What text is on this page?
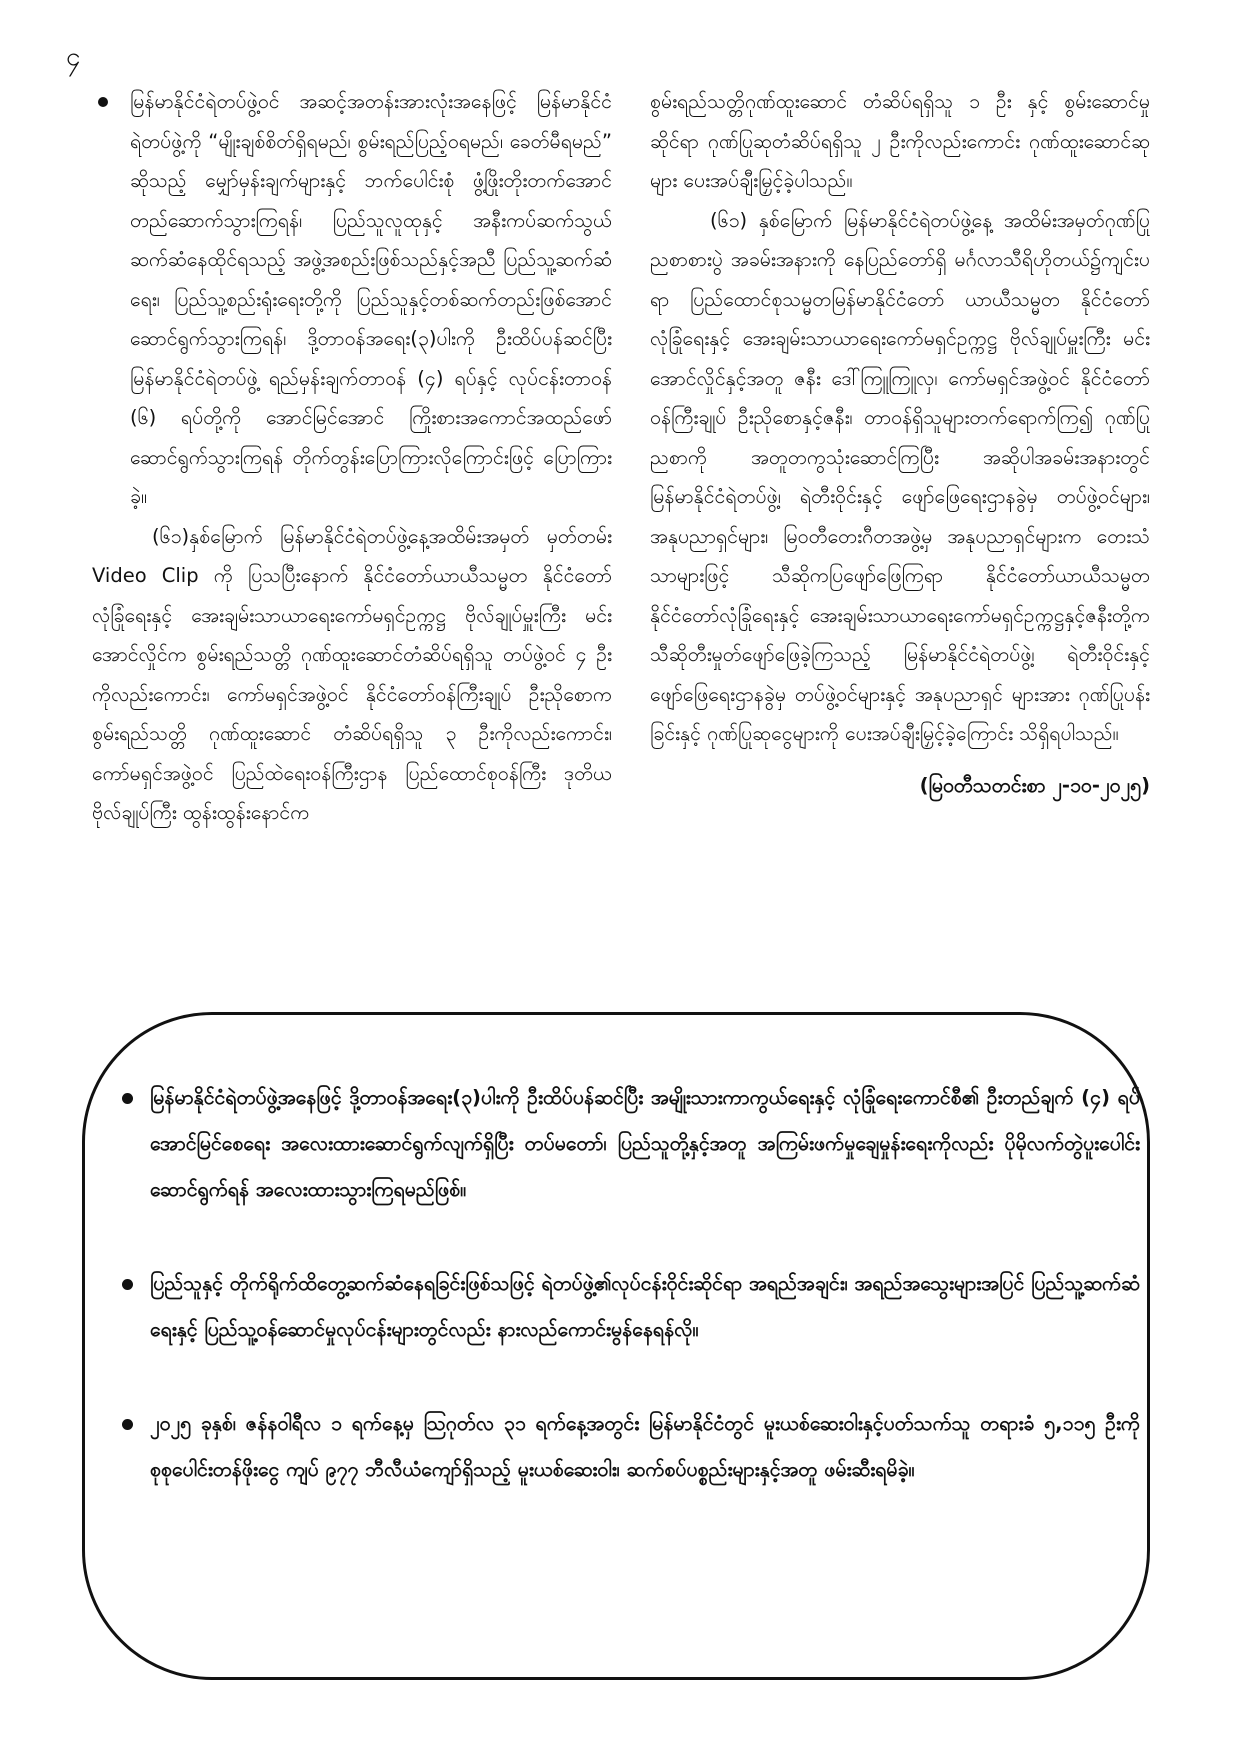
၄

မြန်မာနိုင်ငံရဲတပ်ဖွဲ့ဝင် အဆင့်အတန်းအားလုံးအနေဖြင့် မြန်မာနိုင်ငံရဲတပ်ဖွဲ့ကို “မျိုးချစ်စိတ်ရှိရမည်၊ စွမ်းရည်ပြည့်ဝရမည်၊ ခေတ်မီရမည်” ဆိုသည့် မျှော်မှန်းချက်များနှင့် ဘက်ပေါင်းစုံ ဖွံ့ဖြိုးတိုးတက်အောင် တည်ဆောက်သွားကြရန်၊ ပြည်သူလူထုနှင့် အနီးကပ်ဆက်သွယ် ဆက်ဆံနေထိုင်ရသည့် အဖွဲ့အစည်းဖြစ်သည်နှင့်အညီ ပြည်သူ့ဆက်ဆံရေး၊ ပြည်သူ့စည်းရုံးရေးတို့ကို ပြည်သူနှင့်တစ်ဆက်တည်းဖြစ်အောင် ဆောင်ရွက်သွားကြရန်၊ ဒို့တာဝန်အရေး(၃)ပါးကို ဦးထိပ်ပန်ဆင်ပြီး မြန်မာနိုင်ငံရဲတပ်ဖွဲ့ ရည်မှန်းချက်တာဝန် (၄) ရပ်နှင့် လုပ်ငန်းတာဝန် (၆) ရပ်တို့ကို အောင်မြင်အောင် ကြိုးစားအကောင်အထည်ဖော် ဆောင်ရွက်သွားကြရန် တိုက်တွန်းပြောကြားလိုကြောင်းဖြင့် ပြောကြားခဲ့။

(၆၁)နှစ်မြောက် မြန်မာနိုင်ငံရဲတပ်ဖွဲ့နေ့အထိမ်းအမှတ် မှတ်တမ်း Video Clip ကို ပြသပြီးနောက် နိုင်ငံတော်ယာယီသမ္မတ နိုင်ငံတော်လုံခြုံရေးနှင့် အေးချမ်းသာယာရေးကော်မရှင်ဥက္ကဋ္ဌ ဗိုလ်ချုပ်မှူးကြီး မင်းအောင်လှိုင်က စွမ်းရည်သတ္တိ ဂုဏ်ထူးဆောင်တံဆိပ်ရရှိသူ တပ်ဖွဲ့ဝင် ၄ ဦးကိုလည်းကောင်း၊ ကော်မရှင်အဖွဲ့ဝင် နိုင်ငံတော်ဝန်ကြီးချုပ် ဦးညိုစောက စွမ်းရည်သတ္တိ ဂုဏ်ထူးဆောင် တံဆိပ်ရရှိသူ ၃ ဦးကိုလည်းကောင်း၊ ကော်မရှင်အဖွဲ့ဝင် ပြည်ထဲရေးဝန်ကြီးဌာန ပြည်ထောင်စုဝန်ကြီး ဒုတိယဗိုလ်ချုပ်ကြီး ထွန်းထွန်းနောင်က

စွမ်းရည်သတ္တိဂုဏ်ထူးဆောင် တံဆိပ်ရရှိသူ ၁ ဦး နှင့် စွမ်းဆောင်မှုဆိုင်ရာ ဂုဏ်ပြုဆုတံဆိပ်ရရှိသူ ၂ ဦးကိုလည်းကောင်း ဂုဏ်ထူးဆောင်ဆုများ ပေးအပ်ချီးမြှင့်ခဲ့ပါသည်။

(၆၁) နှစ်မြောက် မြန်မာနိုင်ငံရဲတပ်ဖွဲ့နေ့ အထိမ်းအမှတ်ဂုဏ်ပြုညစာစားပွဲ အခမ်းအနားကို နေပြည်တော်ရှိ မင်္ဂလာသီရိဟိုတယ်၌ကျင်းပရာ ပြည်ထောင်စုသမ္မတမြန်မာနိုင်ငံတော် ယာယီသမ္မတ နိုင်ငံတော်လုံခြုံရေးနှင့် အေးချမ်းသာယာရေးကော်မရှင်ဥက္ကဋ္ဌ ဗိုလ်ချုပ်မှူးကြီး မင်းအောင်လှိုင်နှင့်အတူ ဇနီး ဒေါ်ကြူကြူလှ၊ ကော်မရှင်အဖွဲ့ဝင် နိုင်ငံတော်ဝန်ကြီးချုပ် ဦးညိုစောနှင့်ဇနီး၊ တာဝန်ရှိသူများတက်ရောက်ကြ၍ ဂုဏ်ပြုညစာကို အတူတကွသုံးဆောင်ကြပြီး အဆိုပါအခမ်းအနားတွင် မြန်မာနိုင်ငံရဲတပ်ဖွဲ့၊ ရဲတီးဝိုင်းနှင့် ဖျော်ဖြေရေးဌာနခွဲမှ တပ်ဖွဲ့ဝင်များ၊ အနုပညာရှင်များ၊ မြဝတီတေးဂီတအဖွဲ့မှ အနုပညာရှင်များက တေးသံသာများဖြင့် သီဆိုကပြဖျော်ဖြေကြရာ နိုင်ငံတော်ယာယီသမ္မတ နိုင်ငံတော်လုံခြုံရေးနှင့် အေးချမ်းသာယာရေးကော်မရှင်ဥက္ကဋ္ဌနှင့်ဇနီးတို့က သီဆိုတီးမှုတ်ဖျော်ဖြေခဲ့ကြသည့် မြန်မာနိုင်ငံရဲတပ်ဖွဲ့၊ ရဲတီးဝိုင်းနှင့် ဖျော်ဖြေရေးဌာနခွဲမှ တပ်ဖွဲ့ဝင်များနှင့် အနုပညာရှင် များအား ဂုဏ်ပြုပန်းခြင်းနှင့် ဂုဏ်ပြုဆုငွေများကို ပေးအပ်ချီးမြှင့်ခဲ့ကြောင်း သိရှိရပါသည်။

(မြဝတီသတင်းစာ ၂-၁၀-၂၀၂၅)

မြန်မာနိုင်ငံရဲတပ်ဖွဲ့အနေဖြင့် ဒို့တာဝန်အရေး(၃)ပါးကို ဦးထိပ်ပန်ဆင်ပြီး အမျိုးသားကာကွယ်ရေးနှင့် လုံခြုံရေးကောင်စီ၏ ဦးတည်ချက် (၄) ရပ် အောင်မြင်စေရေး အလေးထားဆောင်ရွက်လျက်ရှိပြီး တပ်မတော်၊ ပြည်သူတို့နှင့်အတူ အကြမ်းဖက်မှုချေမှုန်းရေးကိုလည်း ပိုမိုလက်တွဲပူးပေါင်းဆောင်ရွက်ရန် အလေးထားသွားကြရမည်ဖြစ်။
ပြည်သူနှင့် တိုက်ရိုက်ထိတွေ့ဆက်ဆံနေရခြင်းဖြစ်သဖြင့် ရဲတပ်ဖွဲ့၏လုပ်ငန်းဝိုင်းဆိုင်ရာ အရည်အချင်း၊ အရည်အသွေးများအပြင် ပြည်သူ့ဆက်ဆံရေးနှင့် ပြည်သူ့ဝန်ဆောင်မှုလုပ်ငန်းများတွင်လည်း နားလည်ကောင်းမွန်နေရန်လို။
၂၀၂၅ ခုနှစ်၊ ဇန်နဝါရီလ ၁ ရက်နေ့မှ ဩဂုတ်လ ၃၁ ရက်နေ့အတွင်း မြန်မာနိုင်ငံတွင် မူးယစ်ဆေးဝါးနှင့်ပတ်သက်သူ တရားခံ ၅,၁၁၅ ဦးကို စုစုပေါင်းတန်ဖိုးငွေ ကျပ် ၉၇၇ ဘီလီယံကျော်ရှိသည့် မူးယစ်ဆေးဝါး၊ ဆက်စပ်ပစ္စည်းများနှင့်အတူ ဖမ်းဆီးရမိခဲ့။
